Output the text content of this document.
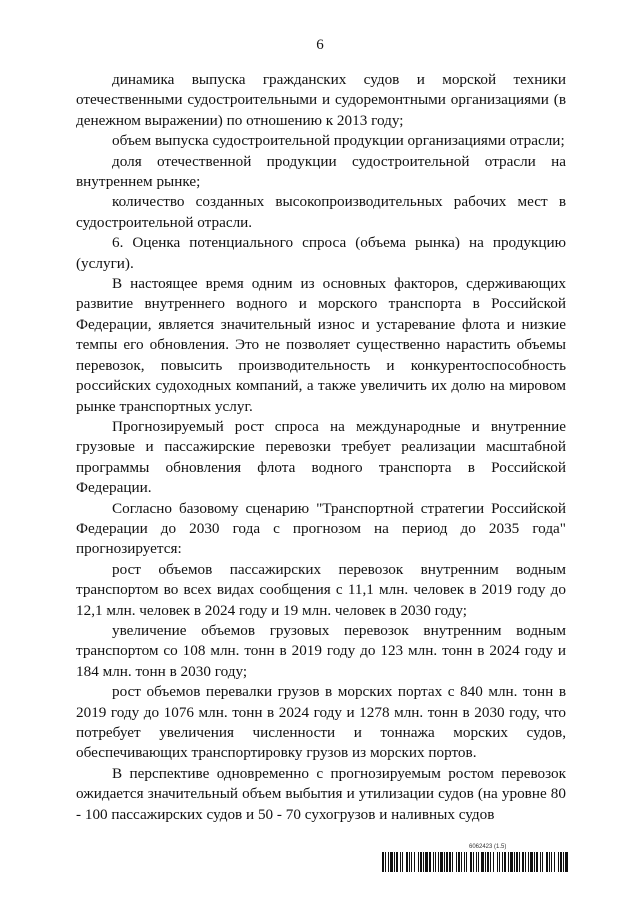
6

динамика выпуска гражданских судов и морской техники отечественными судостроительными и судоремонтными организациями (в денежном выражении) по отношению к 2013 году;

объем выпуска судостроительной продукции организациями отрасли;

доля отечественной продукции судостроительной отрасли на внутреннем рынке;

количество созданных высокопроизводительных рабочих мест в судостроительной отрасли.

6. Оценка потенциального спроса (объема рынка) на продукцию (услуги).

В настоящее время одним из основных факторов, сдерживающих развитие внутреннего водного и морского транспорта в Российской Федерации, является значительный износ и устаревание флота и низкие темпы его обновления. Это не позволяет существенно нарастить объемы перевозок, повысить производительность и конкурентоспособность российских судоходных компаний, а также увеличить их долю на мировом рынке транспортных услуг.

Прогнозируемый рост спроса на международные и внутренние грузовые и пассажирские перевозки требует реализации масштабной программы обновления флота водного транспорта в Российской Федерации.

Согласно базовому сценарию "Транспортной стратегии Российской Федерации до 2030 года с прогнозом на период до 2035 года" прогнозируется:

рост объемов пассажирских перевозок внутренним водным транспортом во всех видах сообщения с 11,1 млн. человек в 2019 году до 12,1 млн. человек в 2024 году и 19 млн. человек в 2030 году;

увеличение объемов грузовых перевозок внутренним водным транспортом со 108 млн. тонн в 2019 году до 123 млн. тонн в 2024 году и 184 млн. тонн в 2030 году;

рост объемов перевалки грузов в морских портах с 840 млн. тонн в 2019 году до 1076 млн. тонн в 2024 году и 1278 млн. тонн в 2030 году, что потребует увеличения численности и тоннажа морских судов, обеспечивающих транспортировку грузов из морских портов.

В перспективе одновременно с прогнозируемым ростом перевозок ожидается значительный объем выбытия и утилизации судов (на уровне 80 - 100 пассажирских судов и 50 - 70 сухогрузов и наливных судов

6062423 (1.5)
